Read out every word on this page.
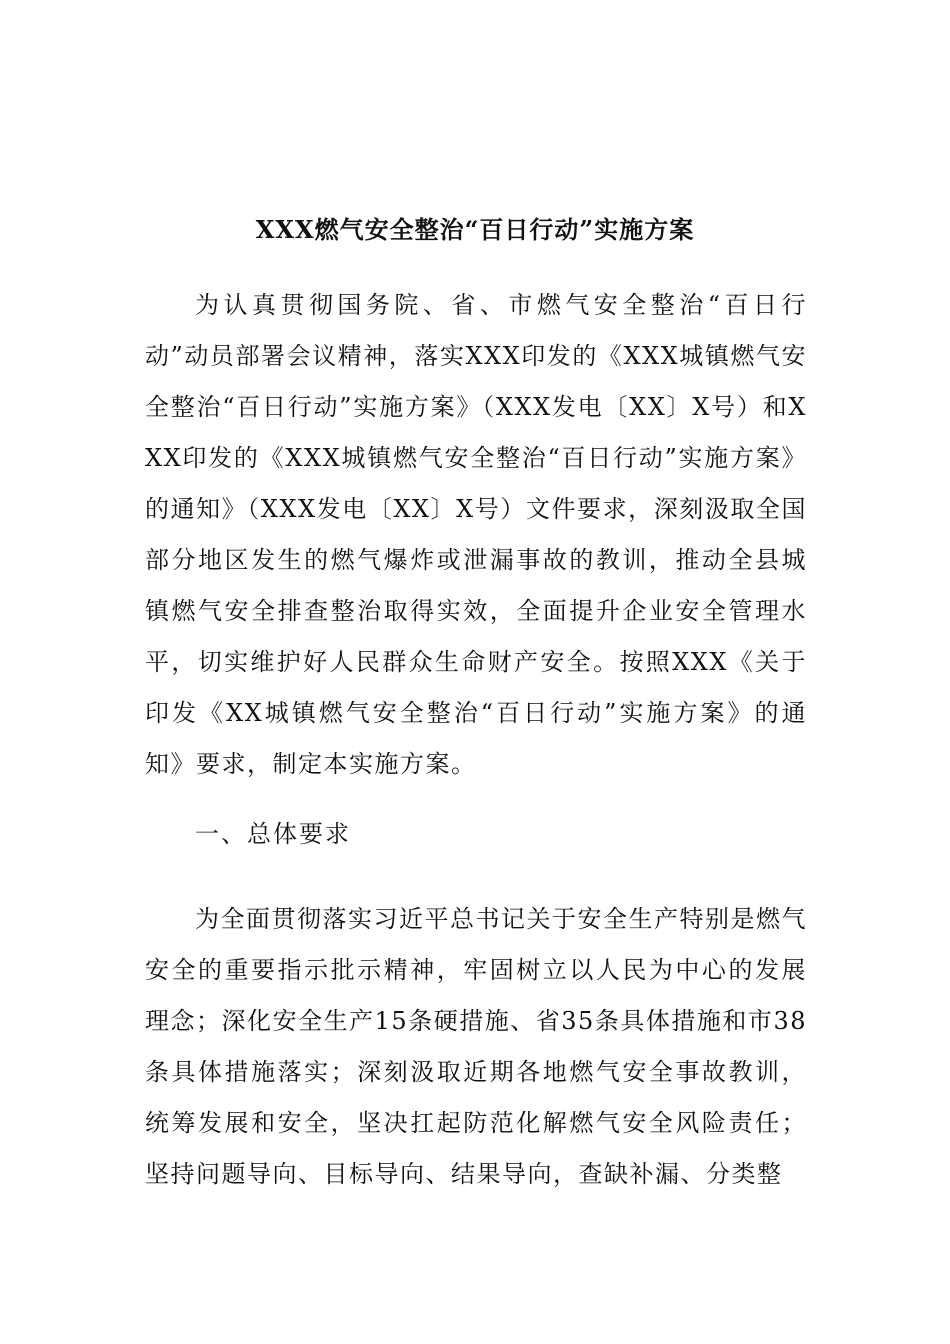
XXX燃气安全整治“百日行动”实施方案

为认真贯彻国务院、省、市燃气安全整治“百日行动”动员部署会议精神，落实XXX印发的《XXX城镇燃气安全整治“百日行动”实施方案》（XXX发电〔XX〕X号）和XXX印发的《XXX城镇燃气安全整治“百日行动”实施方案》的通知》（XXX发电〔XX〕X号）文件要求，深刻汲取全国部分地区发生的燃气爆炸或泄漏事故的教训，推动全县城镇燃气安全排查整治取得实效，全面提升企业安全管理水平，切实维护好人民群众生命财产安全。按照XXX《关于印发《XX城镇燃气安全整治“百日行动”实施方案》的通知》要求，制定本实施方案。

一、总体要求

为全面贯彻落实习近平总书记关于安全生产特别是燃气安全的重要指示批示精神，牢固树立以人民为中心的发展理念；深化安全生产15条硬措施、省35条具体措施和市38条具体措施落实；深刻汲取近期各地燃气安全事故教训，统筹发展和安全，坚决扛起防范化解燃气安全风险责任；坚持问题导向、目标导向、结果导向，查缺补漏、分类整
